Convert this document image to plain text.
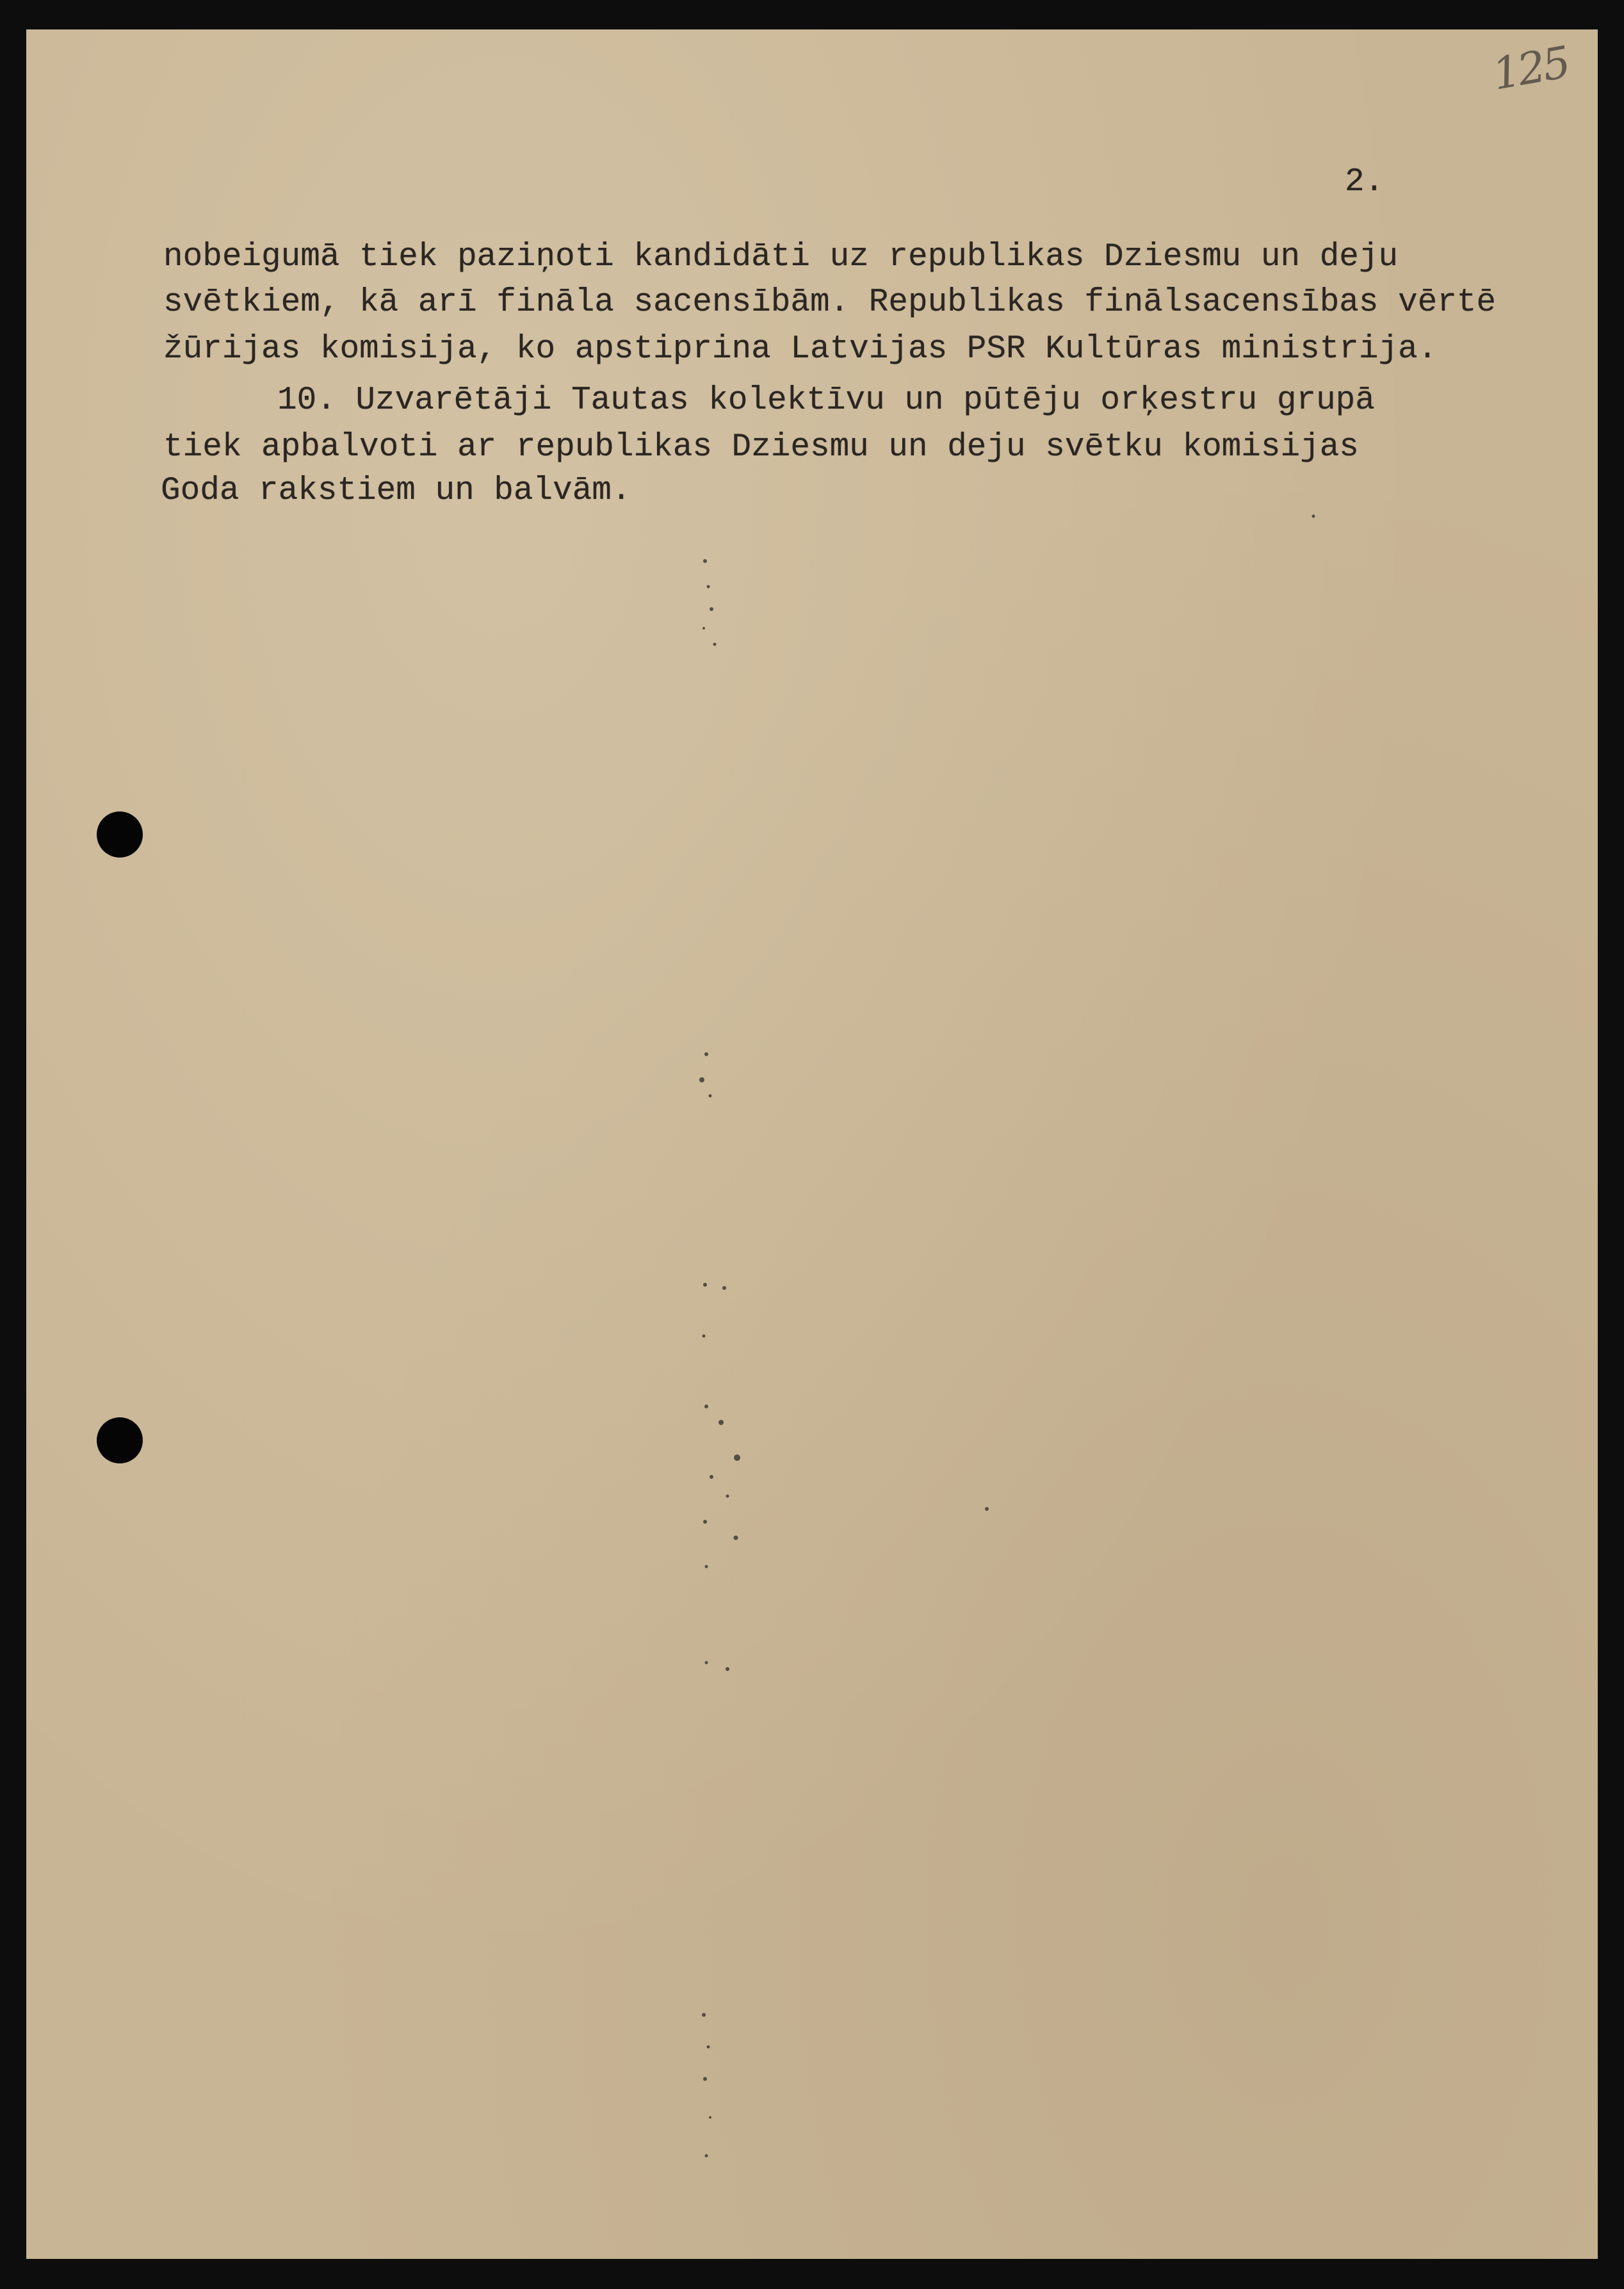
125
2.
nobeigumā tiek paziņoti kandidāti uz republikas Dziesmu un deju
svētkiem, kā arī fināla sacensībām. Republikas finālsacensības vērtē
žūrijas komisija, ko apstiprina Latvijas PSR Kultūras ministrija.
10. Uzvarētāji Tautas kolektīvu un pūtēju orķestru grupā
tiek apbalvoti ar republikas Dziesmu un deju svētku komisijas
Goda rakstiem un balvām.
